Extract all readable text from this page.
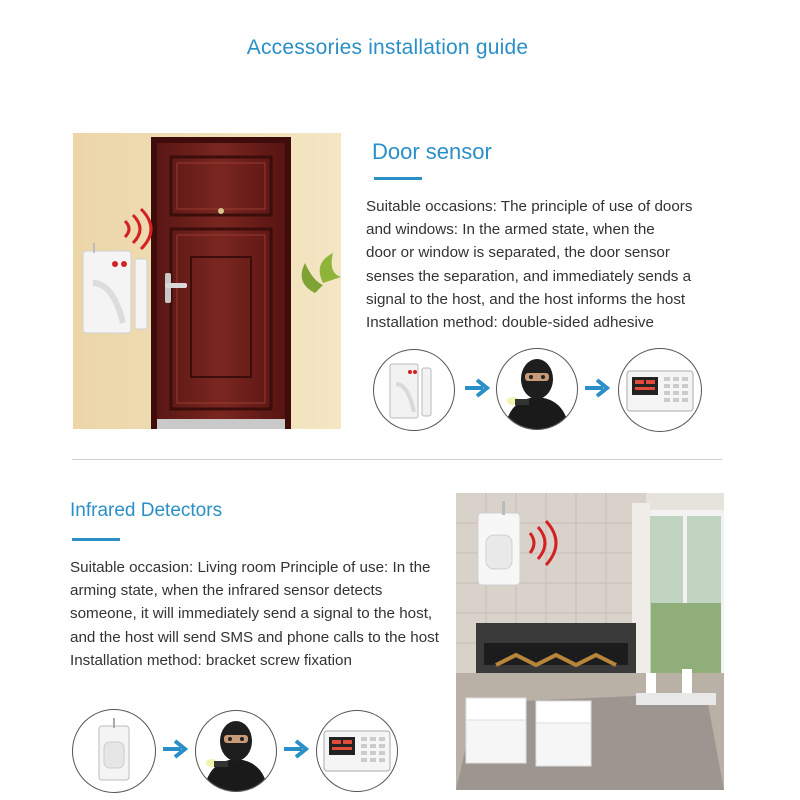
Accessories installation guide
Door sensor
Suitable occasions: The principle of use of doors
and windows: In the armed state, when the
door or window is separated, the door sensor
senses the separation, and immediately sends a
signal to the host, and the host informs the host
Installation method: double-sided adhesive
Infrared Detectors
Suitable occasion: Living room Principle of use: In the
arming state, when the infrared sensor detects
someone, it will immediately send a signal to the host,
and the host will send SMS and phone calls to the host
Installation method: bracket screw fixation
